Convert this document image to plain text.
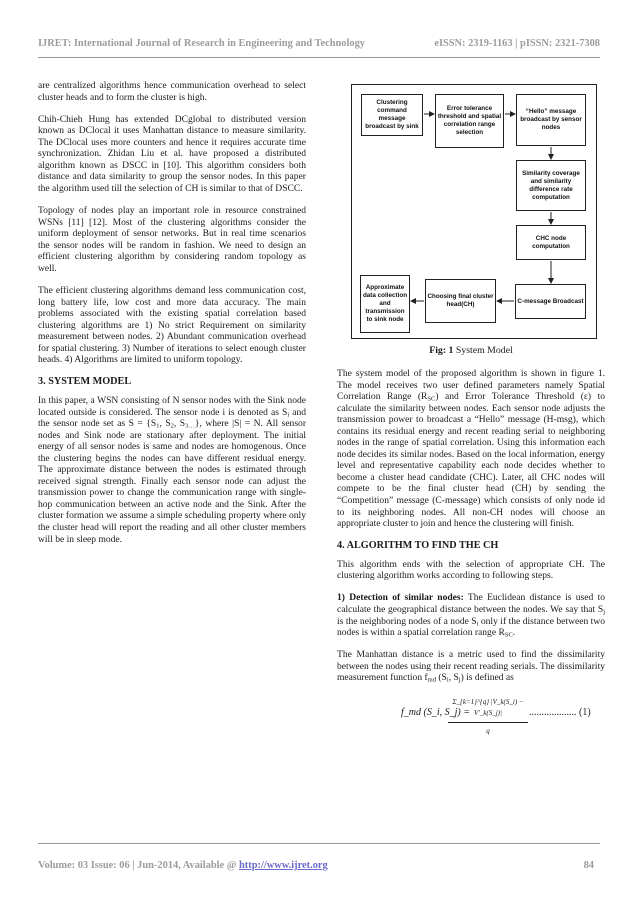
IJRET: International Journal of Research in Engineering and Technology	eISSN: 2319-1163 | pISSN: 2321-7308

are centralized algorithms hence communication overhead to select cluster heads and to form the cluster is high.

Chih-Chieh Hung has extended DCglobal to distributed version known as DClocal it uses Manhattan distance to measure similarity. The DClocal uses more counters and hence it requires accurate time synchronization. Zhidan Liu et al. have proposed a distributed algorithm known as DSCC in [10]. This algorithm considers both distance and data similarity to group the sensor nodes. In this paper the algorithm used till the selection of CH is similar to that of DSCC.

Topology of nodes play an important role in resource constrained WSNs [11] [12]. Most of the clustering algorithms consider the uniform deployment of sensor networks. But in real time scenarios the sensor nodes will be random in fashion. We need to design an efficient clustering algorithm by considering random topology as well.

The efficient clustering algorithms demand less communication cost, long battery life, low cost and more data accuracy. The main problems associated with the existing spatial correlation based clustering algorithms are 1) No strict Requirement on similarity measurement between nodes. 2) Abundant communication overhead for spatial clustering. 3) Number of iterations to select enough cluster heads. 4) Algorithms are limited to uniform topology.

3. SYSTEM MODEL

In this paper, a WSN consisting of N sensor nodes with the Sink node located outside is considered. The sensor node i is denoted as $S_i$ and the sensor node set as $S = \{S_1$, $S_2$, $S_{3\dots}$}, where |S| = N. All sensor nodes and Sink node are stationary after deployment. The initial energy of all sensor nodes is same and nodes are homogenous. Once the clustering begins the nodes can have different residual energy. The approximate distance between the nodes is estimated through received signal strength. Finally each sensor node can adjust the transmission power to change the communication range with single-hop communication between an active node and the Sink. After the cluster formation we assume a simple scheduling property where only the cluster head will report the reading and all other cluster members will be in sleep mode.

Clustering command message broadcast by sink
Error tolerance threshold and spatial correlation range selection
“Hello” message broadcast by sensor nodes
Similarity coverage and similarity difference rate computation
CHC node computation
C-message Broadcast
Choosing final cluster head(CH)
Approximate data collection and transmission to sink node
Fig: 1 System Model

The system model of the proposed algorithm is shown in figure 1. The model receives two user defined parameters namely Spatial Correlation Range $(R_{SC})$ and Error Tolerance Threshold (ε) to calculate the similarity between nodes. Each sensor node adjusts the transmission power to broadcast a “Hello” message (H-msg), which contains its residual energy and recent reading serial to neighboring nodes in the range of spatial correlation. Using this information each node decides its similar nodes. Based on the local information, energy level and representative capability each node decides whether to become a cluster head candidate (CHC). Later, all CHC nodes will compete to be the final cluster head (CH) by sending the “Competition” message (C-message) which consists of only node id to its neighboring nodes. All non-CH nodes will choose an appropriate cluster to join and hence the clustering will finish.

4. ALGORITHM TO FIND THE CH

This algorithm ends with the selection of appropriate CH. The clustering algorithm works according to following steps.

1) Detection of similar nodes: The Euclidean distance is used to calculate the geographical distance between the nodes. We say that $S_j$ is the neighboring nodes of a node $S_i$ only if the distance between two nodes is within a spatial correlation range $R_{SC}$.

The Manhattan distance is a metric used to find the dissimilarity between the nodes using their recent reading serials. The dissimilarity measurement function $f_{md}$ ($S_i$, $S_j$) is defined as

f_md (S_i, S_j) =
$\frac{\Sigma\_\{k=1\}\^{}\{q\} |V\_k(S\_i) - V'\_k(S\_j)|}{q}$ ................... (1)
Volume: 03 Issue: 06 | Jun-2014, Available @ http://www.ijret.org	84
